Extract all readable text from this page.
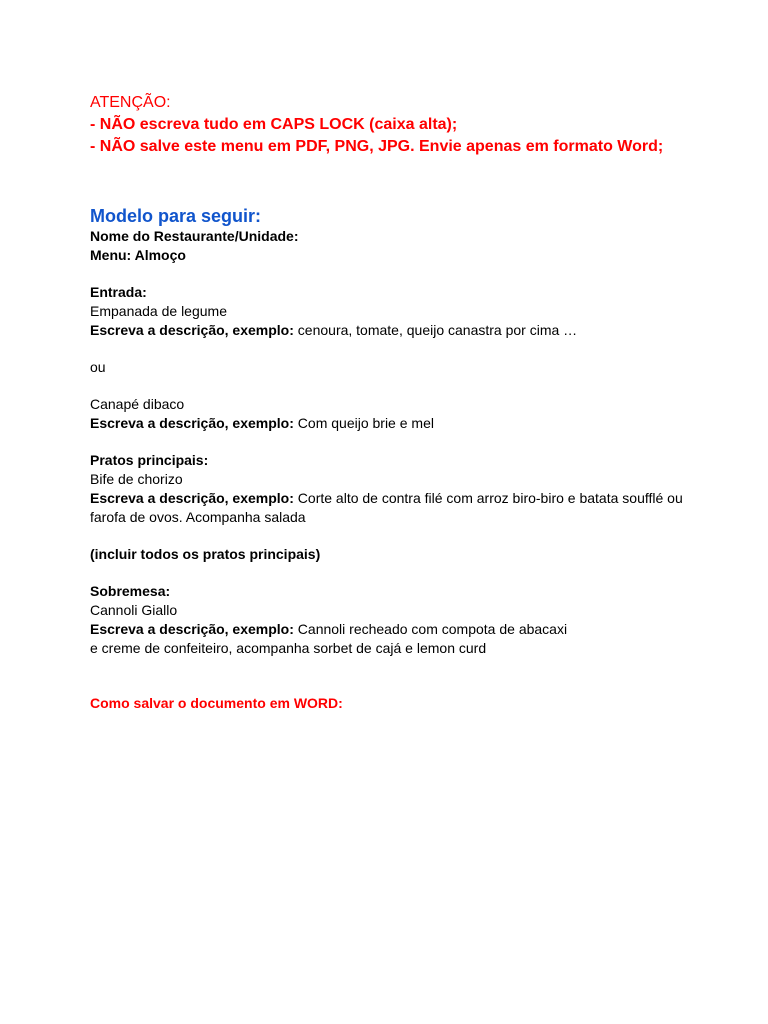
ATENÇÃO:
- NÃO escreva tudo em CAPS LOCK (caixa alta);
- NÃO salve este menu em PDF, PNG, JPG. Envie apenas em formato Word;
Modelo para seguir:
Nome do Restaurante/Unidade:
Menu: Almoço
Entrada:
Empanada de legume
Escreva a descrição, exemplo: cenoura, tomate, queijo canastra por cima …
ou
Canapé dibaco
Escreva a descrição, exemplo: Com queijo brie e mel
Pratos principais:
Bife de chorizo
Escreva a descrição, exemplo: Corte alto de contra filé com arroz biro-biro e batata soufflé ou
farofa de ovos. Acompanha salada
(incluir todos os pratos principais)
Sobremesa:
Cannoli Giallo
Escreva a descrição, exemplo: Cannoli recheado com compota de abacaxi
e creme de confeiteiro, acompanha sorbet de cajá e lemon curd
Como salvar o documento em WORD:
